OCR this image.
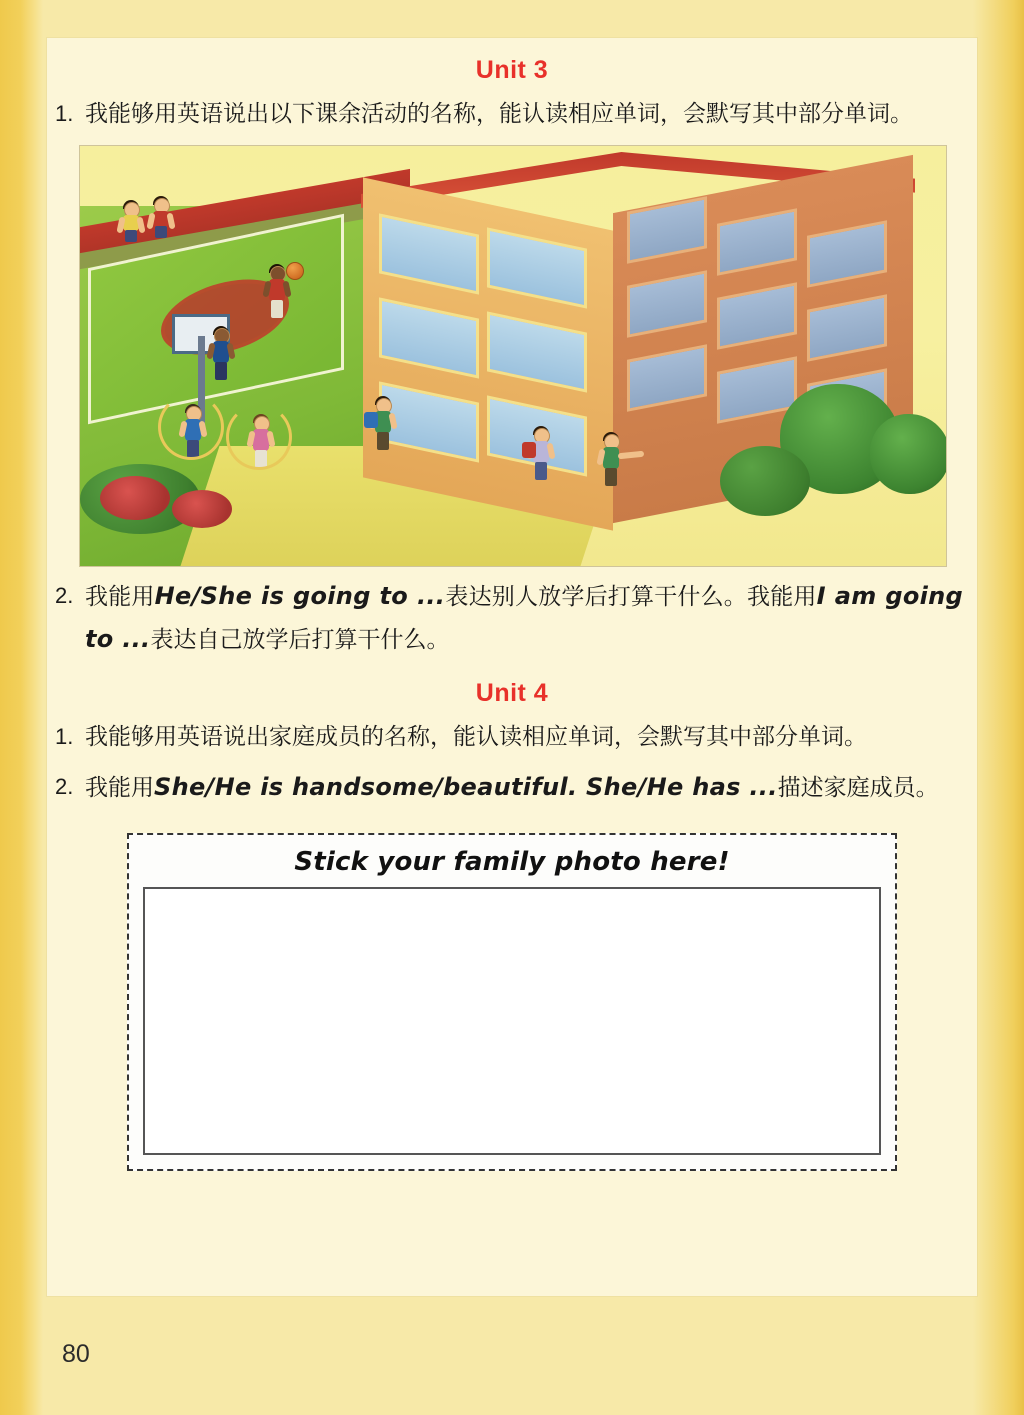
Unit 3
1. 我能够用英语说出以下课余活动的名称，能认读相应单词，会默写其中部分单词。
2. 我能用He/She is going to ...表达别人放学后打算干什么。我能用I am going to ...表达自己放学后打算干什么。
Unit 4
1. 我能够用英语说出家庭成员的名称，能认读相应单词，会默写其中部分单词。
2. 我能用She/He is handsome/beautiful. She/He has ...描述家庭成员。
Stick your family photo here!
80
